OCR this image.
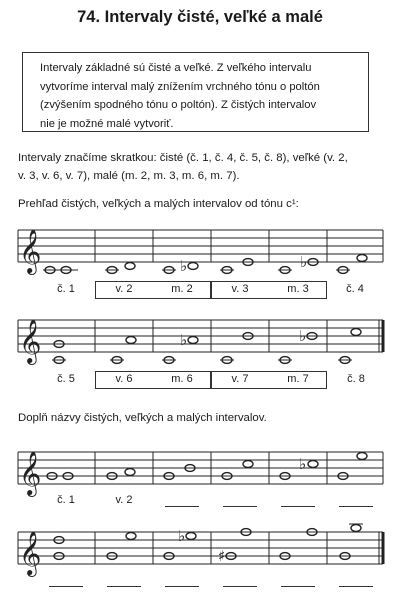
74. Intervaly čisté, veľké a malé
Intervaly základné sú čisté a veľké. Z veľkého intervalu
vytvoríme interval malý znížením vrchného tónu o poltón
(zvýšením spodného tónu o poltón). Z čistých intervalov
nie je možné malé vytvoriť.
Intervaly značíme skratkou: čisté (č. 1, č. 4, č. 5, č. 8), veľké (v. 2,
v. 3, v. 6, v. 7), malé (m. 2, m. 3, m. 6, m. 7).
Prehľad čistých, veľkých a malých intervalov od tónu c¹:
𝄞	♭	♭
č. 1	v. 2	m. 2	v. 3	m. 3	č. 4
𝄞	♭	♭
č. 5	v. 6	m. 6	v. 7	m. 7	č. 8
Doplň názvy čistých, veľkých a malých intervalov.
𝄞	♭
č. 1	v. 2
𝄞	♭
♯
